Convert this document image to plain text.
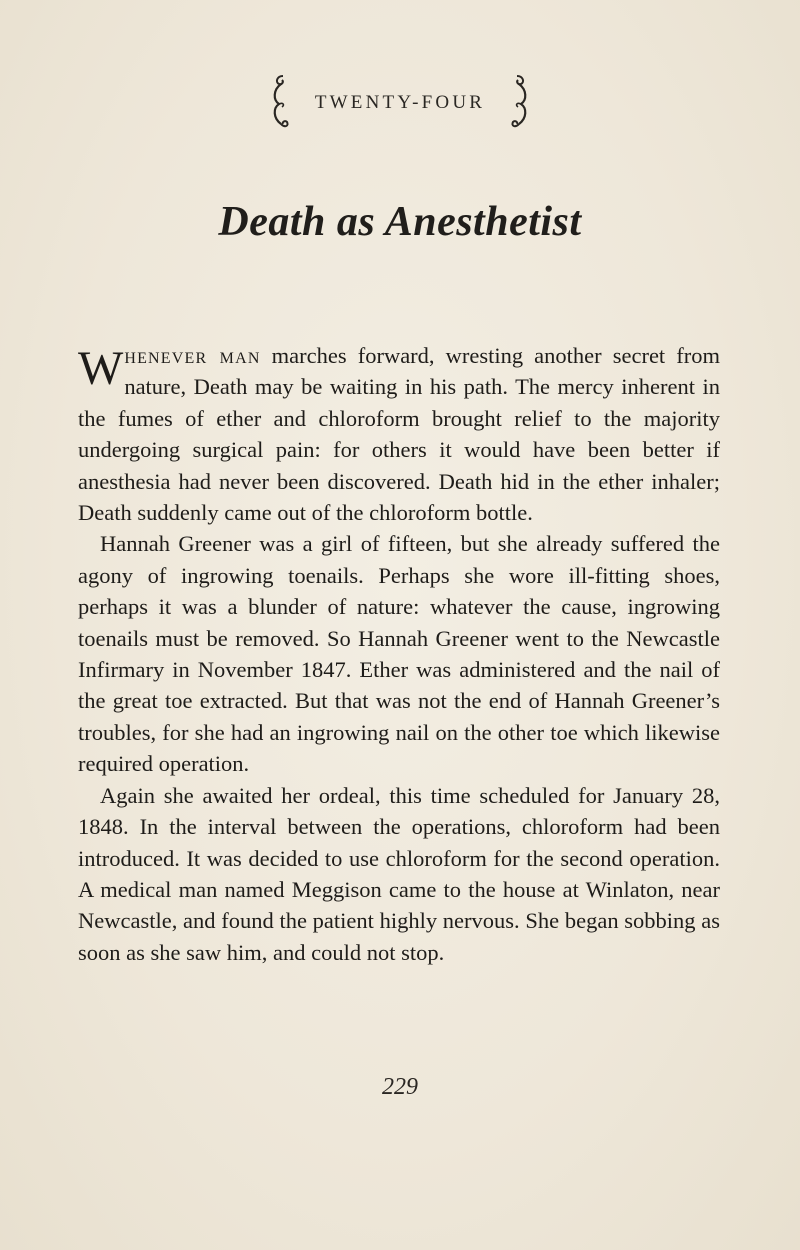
TWENTY-FOUR
Death as Anesthetist

Whenever man marches forward, wresting another secret from nature, Death may be waiting in his path. The mercy inherent in the fumes of ether and chloroform brought relief to the majority undergoing surgical pain: for others it would have been better if anesthesia had never been discovered. Death hid in the ether inhaler; Death suddenly came out of the chloroform bottle.

Hannah Greener was a girl of fifteen, but she already suffered the agony of ingrowing toenails. Perhaps she wore ill-fitting shoes, perhaps it was a blunder of nature: whatever the cause, ingrowing toenails must be removed. So Hannah Greener went to the Newcastle Infirmary in November 1847. Ether was administered and the nail of the great toe extracted. But that was not the end of Hannah Greener’s troubles, for she had an ingrowing nail on the other toe which likewise required operation.

Again she awaited her ordeal, this time scheduled for January 28, 1848. In the interval between the operations, chloroform had been introduced. It was decided to use chloroform for the second operation. A medical man named Meggison came to the house at Winlaton, near Newcastle, and found the patient highly nervous. She began sobbing as soon as she saw him, and could not stop.

229
